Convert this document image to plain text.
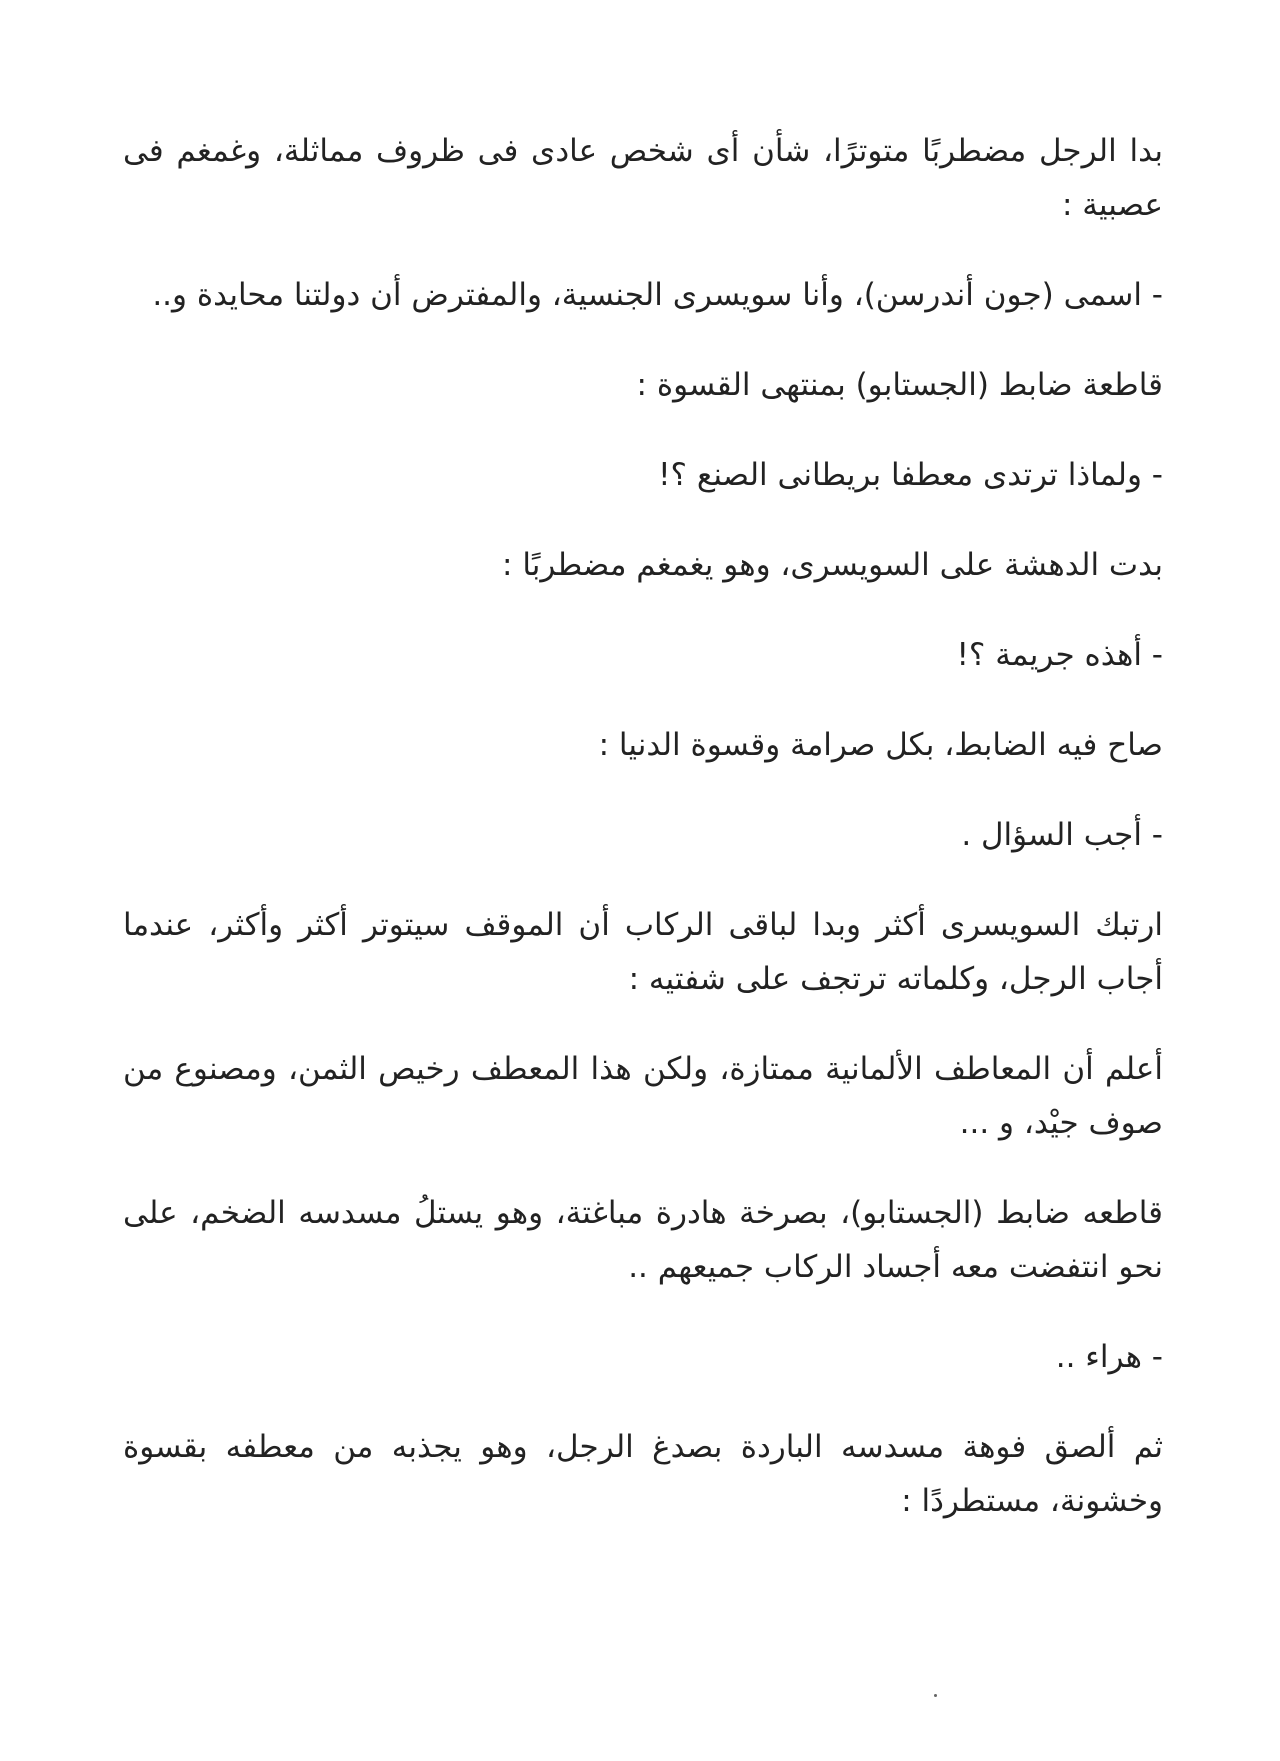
بدا الرجل مضطربًا متوترًا، شأن أى شخص عادى فى ظروف مماثلة، وغمغم فى عصبية :

- اسمى (جون أندرسن)، وأنا سويسرى الجنسية، والمفترض أن دولتنا محايدة و..

قاطعة ضابط (الجستابو) بمنتهى القسوة :

- ولماذا ترتدى معطفا بريطانى الصنع ؟!

بدت الدهشة على السويسرى، وهو يغمغم مضطربًا :

- أهذه جريمة ؟!

صاح فيه الضابط، بكل صرامة وقسوة الدنيا :

- أجب السؤال .

ارتبك السويسرى أكثر وبدا لباقى الركاب أن الموقف سيتوتر أكثر وأكثر، عندما أجاب الرجل، وكلماته ترتجف على شفتيه :

أعلم أن المعاطف الألمانية ممتازة، ولكن هذا المعطف رخيص الثمن، ومصنوع من صوف جيْد، و ...

قاطعه ضابط (الجستابو)، بصرخة هادرة مباغتة، وهو يستلُ مسدسه الضخم، على نحو انتفضت معه أجساد الركاب جميعهم ..

- هراء ..

ثم ألصق فوهة مسدسه الباردة بصدغ الرجل، وهو يجذبه من معطفه بقسوة وخشونة، مستطردًا :
